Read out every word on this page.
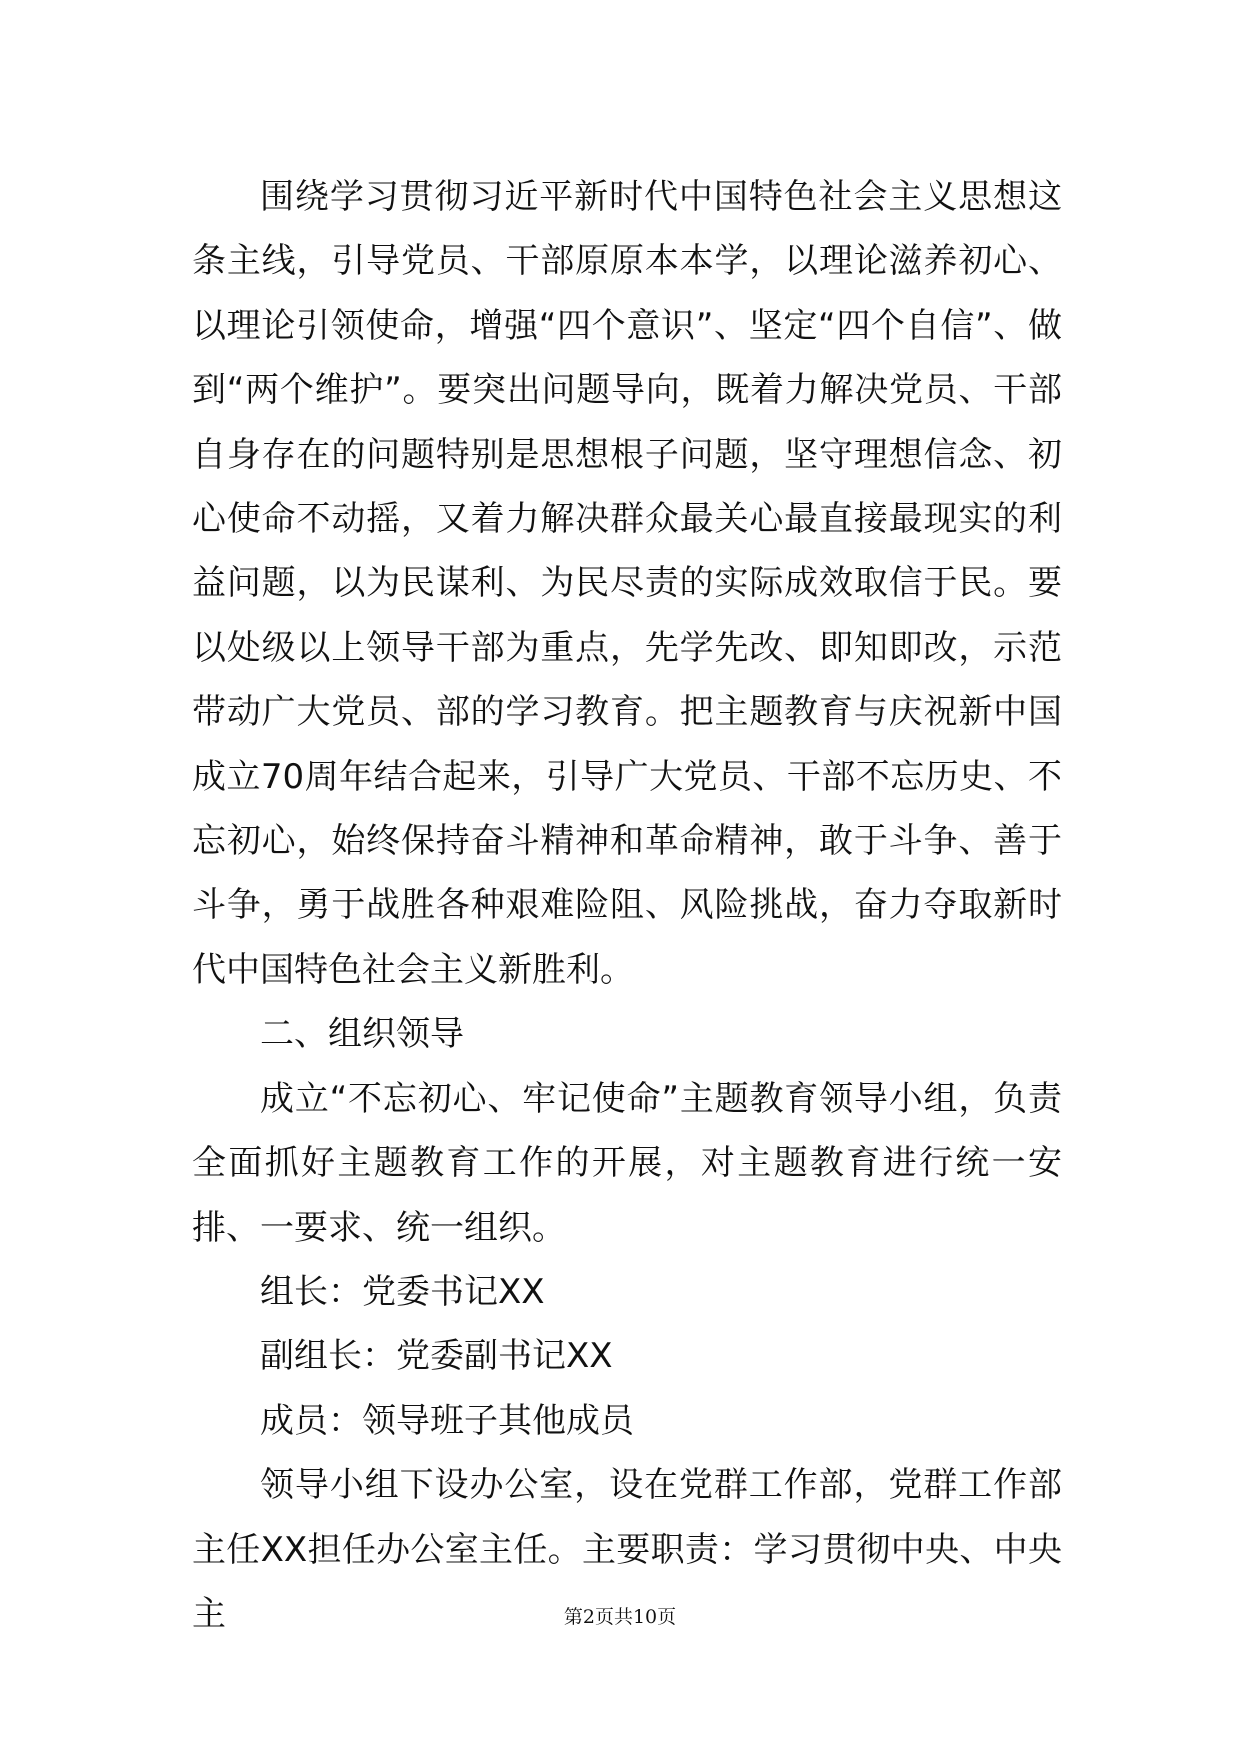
围绕学习贯彻习近平新时代中国特色社会主义思想这条主线，引导党员、干部原原本本学，以理论滋养初心、以理论引领使命，增强“四个意识”、坚定“四个自信”、做到“两个维护”。要突出问题导向，既着力解决党员、干部自身存在的问题特别是思想根子问题，坚守理想信念、初心使命不动摇，又着力解决群众最关心最直接最现实的利益问题，以为民谋利、为民尽责的实际成效取信于民。要以处级以上领导干部为重点，先学先改、即知即改，示范带动广大党员、部的学习教育。把主题教育与庆祝新中国成立70周年结合起来，引导广大党员、干部不忘历史、不忘初心，始终保持奋斗精神和革命精神，敢于斗争、善于斗争，勇于战胜各种艰难险阻、风险挑战，奋力夺取新时代中国特色社会主义新胜利。

二、组织领导

成立“不忘初心、牢记使命”主题教育领导小组，负责全面抓好主题教育工作的开展，对主题教育进行统一安排、一要求、统一组织。

组长：党委书记XX

副组长：党委副书记XX

成员：领导班子其他成员

领导小组下设办公室，设在党群工作部，党群工作部主任XX担任办公室主任。主要职责：学习贯彻中央、中央主	第2页共10页
